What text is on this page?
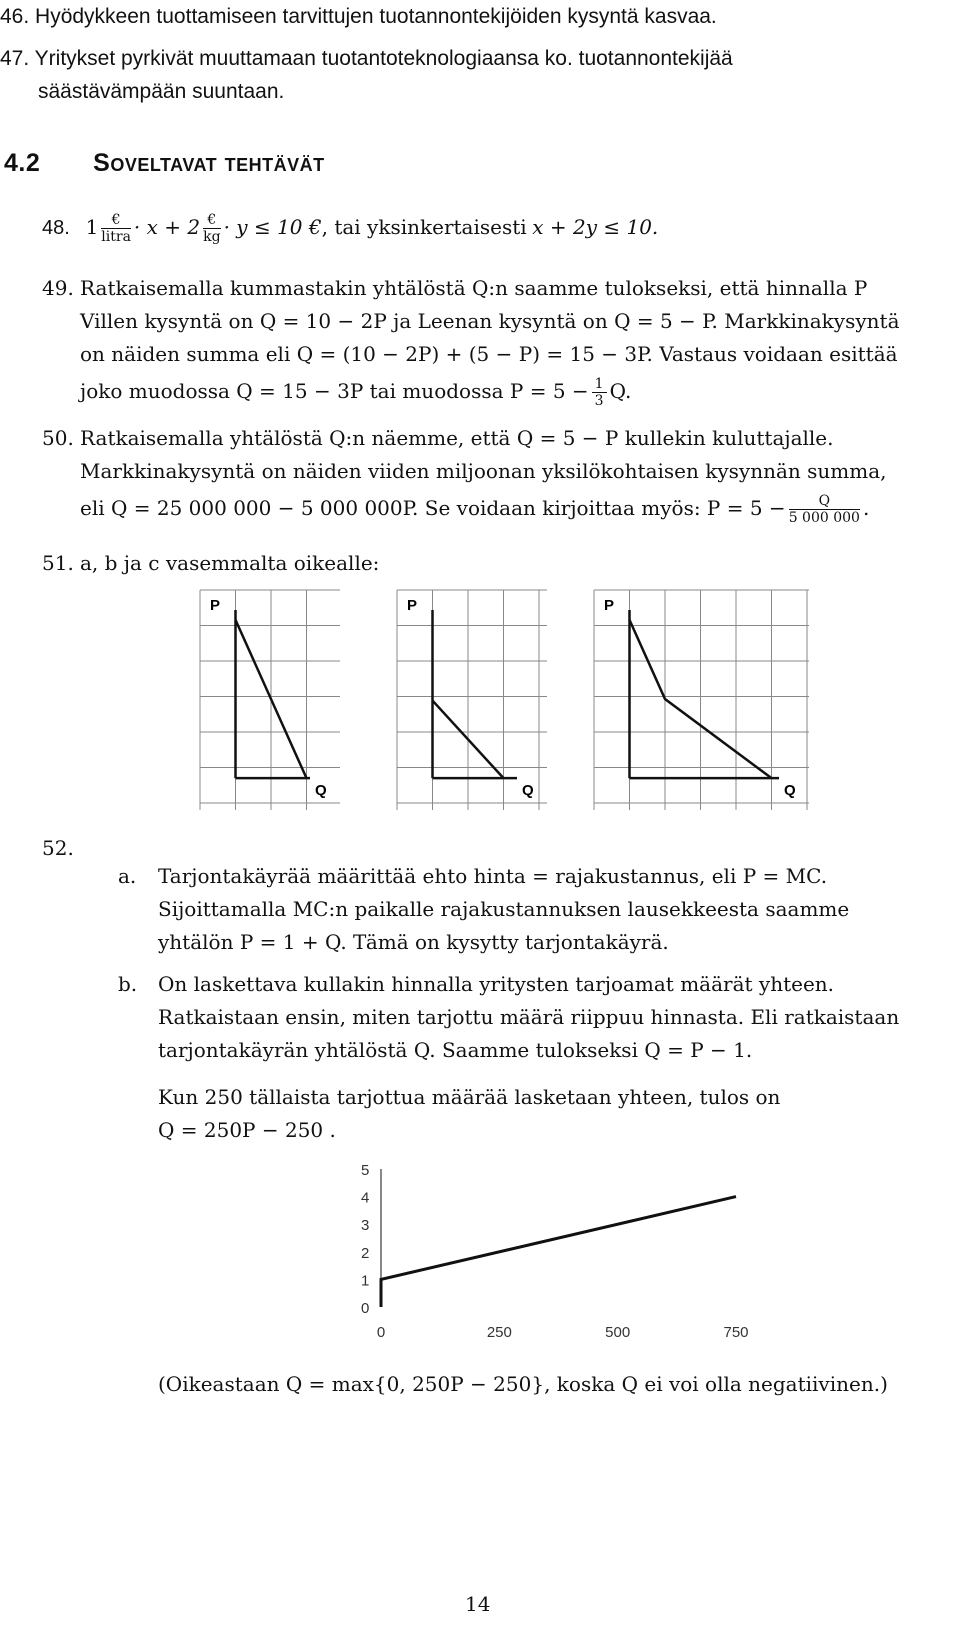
46. Hyödykkeen tuottamiseen tarvittujen tuotannontekijöiden kysyntä kasvaa.
47. Yritykset pyrkivät muuttamaan tuotantoteknologiaansa ko. tuotannontekijää
säästävämpään suuntaan.
4.2 Soveltavat tehtävät
48. $1 \frac{€}{\text{litra}} \cdot x + 2 \frac{€}{kg} \cdot y \le 10$ €, tai yksinkertaisesti x + 2y ≤ 10.
49. Ratkaisemalla kummastakin yhtälöstä Q:n saamme tulokseksi, että hinnalla P
Villen kysyntä on Q = 10 − 2P ja Leenan kysyntä on Q = 5 − P. Markkinakysyntä
on näiden summa eli Q = (10 − 2P) + (5 − P) = 15 − 3P. Vastaus voidaan esittää
joko muodossa Q = 15 − 3P tai muodossa $P = 5 - \frac{1}{3} Q$.
50. Ratkaisemalla yhtälöstä Q:n näemme, että Q = 5 − P kullekin kuluttajalle.
Markkinakysyntä on näiden viiden miljoonan yksilökohtaisen kysynnän summa,
eli Q = 25 000 000 − 5 000 000P. Se voidaan kirjoittaa myös: $P = 5 - \frac{Q}{5 000 000}$ .
51. a, b ja c vasemmalta oikealle:
P
Q
P
Q
P
Q
52.
a. Tarjontakäyrää määrittää ehto hinta = rajakustannus, eli P = MC.
Sijoittamalla MC:n paikalle rajakustannuksen lausekkeesta saamme
yhtälön P = 1 + Q. Tämä on kysytty tarjontakäyrä.
b. On laskettava kullakin hinnalla yritysten tarjoamat määrät yhteen.
Ratkaistaan ensin, miten tarjottu määrä riippuu hinnasta. Eli ratkaistaan
tarjontakäyrän yhtälöstä Q. Saamme tulokseksi Q = P − 1.
Kun 250 tällaista tarjottua määrää lasketaan yhteen, tulos on
Q = 250P − 250 .
0
1
2
3
4
5
0	250	500	750
(Oikeastaan Q = max{0, 250P − 250}, koska Q ei voi olla negatiivinen.)
14
